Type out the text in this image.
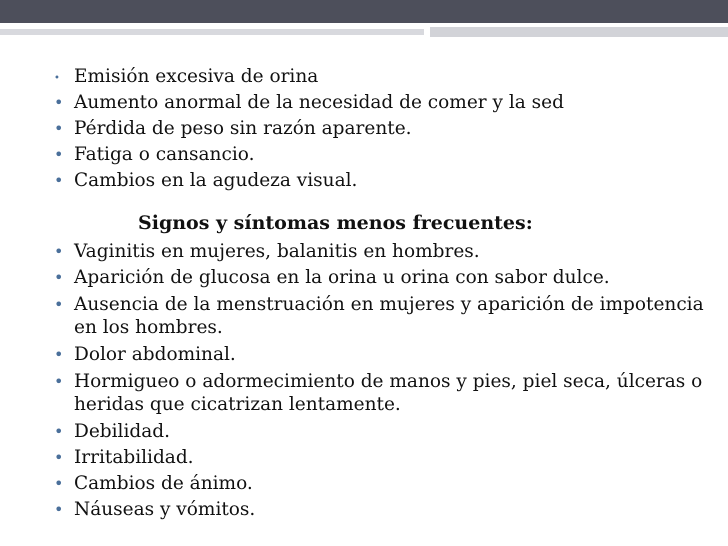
• Emisión excesiva de orina
• Aumento anormal de la necesidad de comer y la sed
• Pérdida de peso sin razón aparente.
• Fatiga o cansancio.
• Cambios en la agudeza visual.
Signos y síntomas menos frecuentes:
• Vaginitis en mujeres, balanitis en hombres.
• Aparición de glucosa en la orina u orina con sabor dulce.
• Ausencia de la menstruación en mujeres y aparición de impotencia en los hombres.
• Dolor abdominal.
• Hormigueo o adormecimiento de manos y pies, piel seca, úlceras o heridas que cicatrizan lentamente.
• Debilidad.
• Irritabilidad.
• Cambios de ánimo.
• Náuseas y vómitos.
